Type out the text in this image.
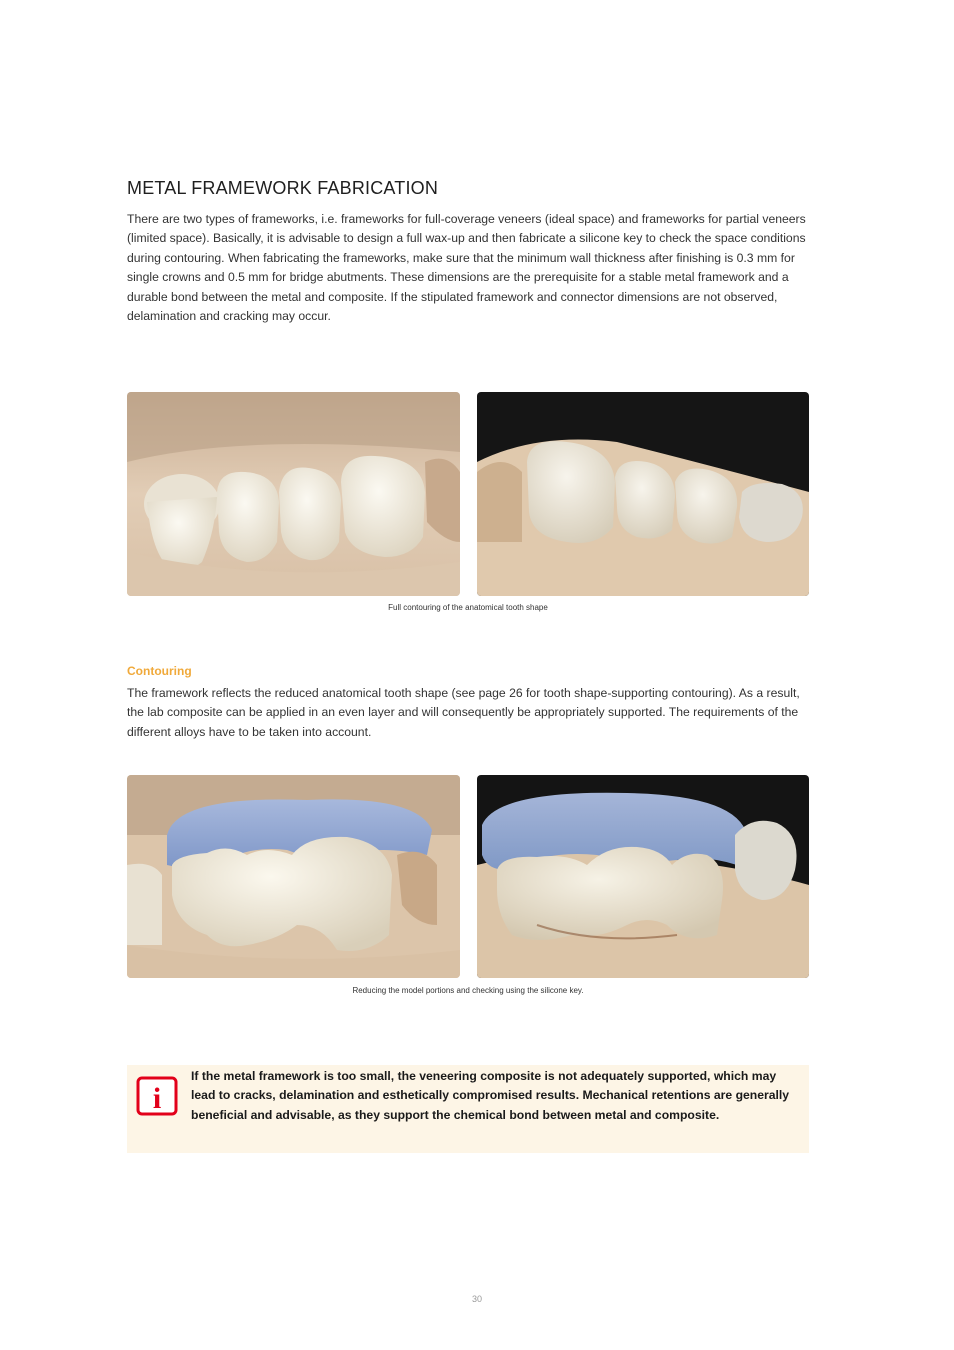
METAL FRAMEWORK FABRICATION

There are two types of frameworks, i.e. frameworks for full-coverage veneers (ideal space) and frameworks for partial veneers (limited space). Basically, it is advisable to design a full wax-up and then fabricate a silicone key to check the space conditions during contouring. When fabricating the frameworks, make sure that the minimum wall thickness after finishing is 0.3 mm for single crowns and 0.5 mm for bridge abutments. These dimensions are the prerequisite for a stable metal framework and a durable bond between the metal and composite. If the stipulated framework and connector dimensions are not observed, delamination and cracking may occur.

Full contouring of the anatomical tooth shape

Contouring

The framework reflects the reduced anatomical tooth shape (see page 26 for tooth shape-supporting contouring). As a result, the lab composite can be applied in an even layer and will consequently be appropriately supported. The requirements of the different alloys have to be taken into account.

Reducing the model portions and checking using the silicone key.

i

If the metal framework is too small, the veneering composite is not adequately supported, which may lead to cracks, delamination and esthetically compromised results. Mechanical retentions are generally beneficial and advisable, as they support the chemical bond between metal and composite.

30
